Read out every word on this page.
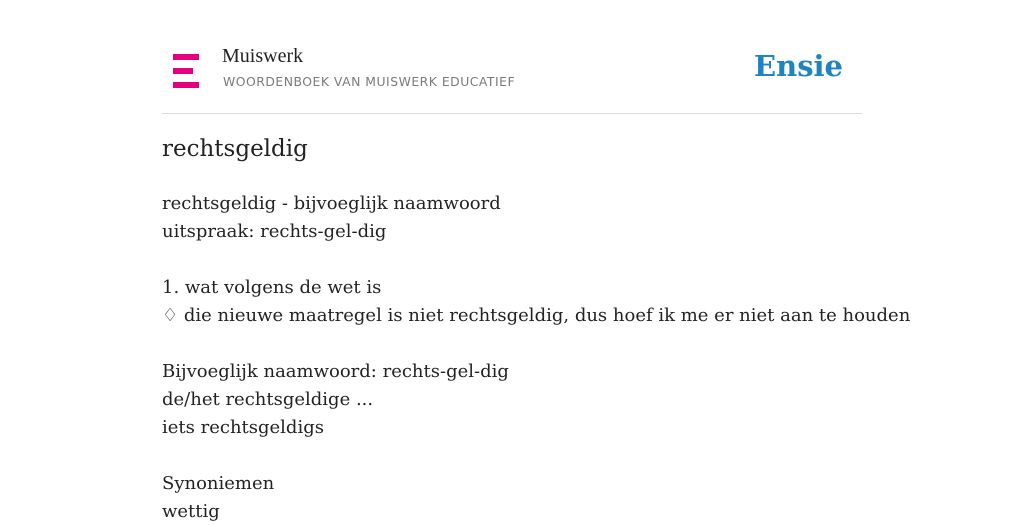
Muiswerk
WOORDENBOEK VAN MUISWERK EDUCATIEF	Ensie
rechtsgeldig
rechtsgeldig - bijvoeglijk naamwoord
uitspraak: rechts-gel-dig
1. wat volgens de wet is
♢ die nieuwe maatregel is niet rechtsgeldig, dus hoef ik me er niet aan te houden
Bijvoeglijk naamwoord: rechts-gel-dig
de/het rechtsgeldige ...
iets rechtsgeldigs
Synoniemen
wettig
